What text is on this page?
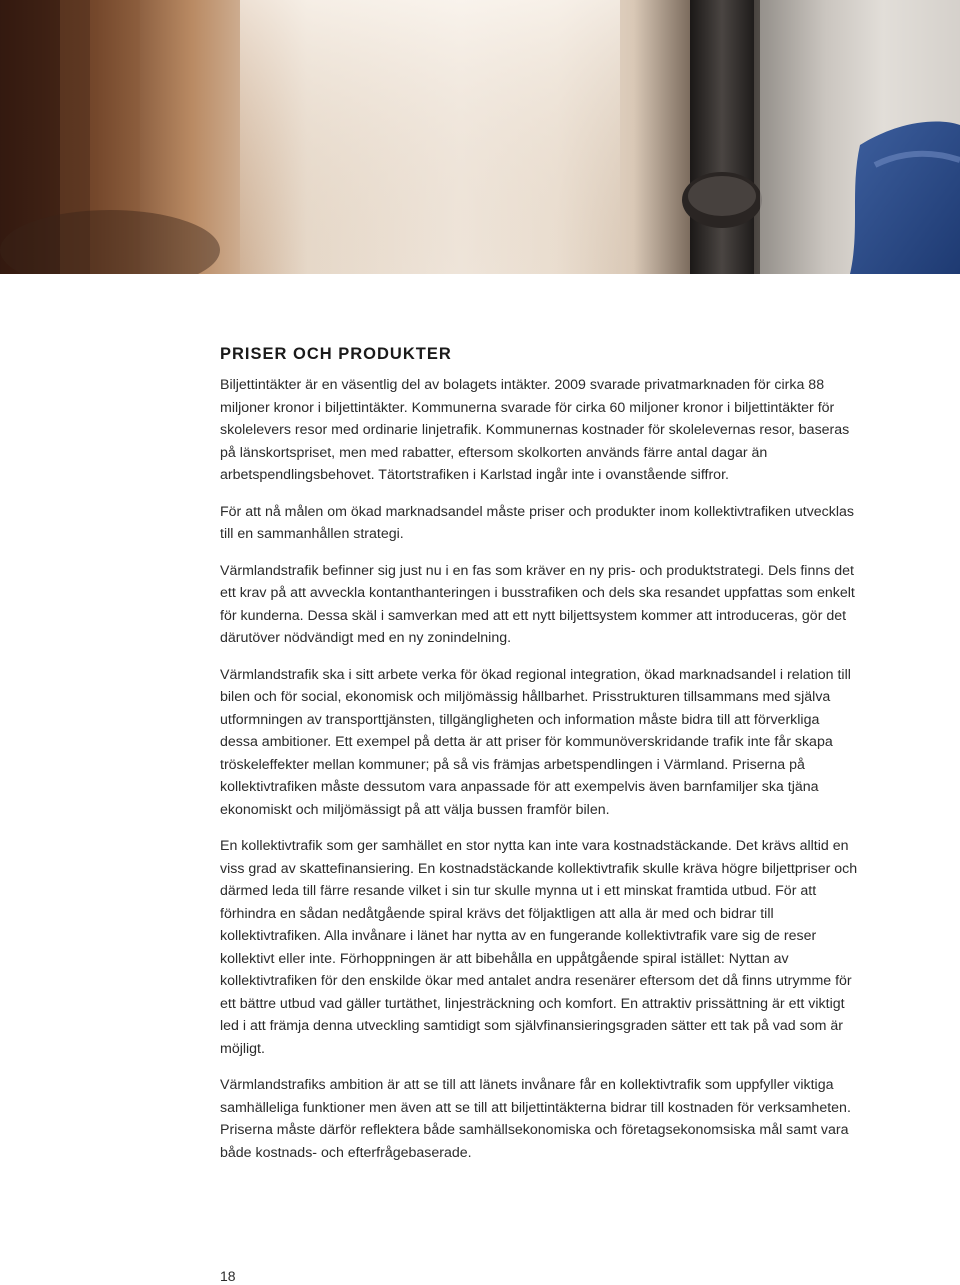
PRISER OCH PRODUKTER

Biljettintäkter är en väsentlig del av bolagets intäkter. 2009 svarade privatmarknaden för cirka 88 miljoner kronor i biljettintäkter. Kommunerna svarade för cirka 60 miljoner kronor i biljettintäkter för skolelevers resor med ordinarie linjetrafik. Kommunernas kostnader för skolelevernas resor, baseras på länskortspriset, men med rabatter, eftersom skolkorten används färre antal dagar än arbetspendlingsbehovet. Tätortstrafiken i Karlstad ingår inte i ovanstående siffror.

För att nå målen om ökad marknadsandel måste priser och produkter inom kollektivtrafiken utvecklas till en sammanhållen strategi.

Värmlandstrafik befinner sig just nu i en fas som kräver en ny pris- och produktstrategi. Dels finns det ett krav på att avveckla kontanthanteringen i busstrafiken och dels ska resandet uppfattas som enkelt för kunderna. Dessa skäl i samverkan med att ett nytt biljettsystem kommer att introduceras, gör det därutöver nödvändigt med en ny zonindelning.

Värmlandstrafik ska i sitt arbete verka för ökad regional integration, ökad marknadsandel i relation till bilen och för social, ekonomisk och miljömässig hållbarhet. Prisstrukturen tillsammans med själva utformningen av transporttjänsten, tillgängligheten och information måste bidra till att förverkliga dessa ambitioner. Ett exempel på detta är att priser för kommunöverskridande trafik inte får skapa tröskeleffekter mellan kommuner; på så vis främjas arbetspendlingen i Värmland. Priserna på kollektivtrafiken måste dessutom vara anpassade för att exempelvis även barnfamiljer ska tjäna ekonomiskt och miljömässigt på att välja bussen framför bilen.

En kollektivtrafik som ger samhället en stor nytta kan inte vara kostnadstäckande. Det krävs alltid en viss grad av skattefinansiering. En kostnadstäckande kollektivtrafik skulle kräva högre biljettpriser och därmed leda till färre resande vilket i sin tur skulle mynna ut i ett minskat framtida utbud. För att förhindra en sådan nedåtgående spiral krävs det följaktligen att alla är med och bidrar till kollektivtrafiken. Alla invånare i länet har nytta av en fungerande kollektivtrafik vare sig de reser kollektivt eller inte. Förhoppningen är att bibehålla en uppåtgående spiral istället: Nyttan av kollektivtrafiken för den enskilde ökar med antalet andra resenärer eftersom det då finns utrymme för ett bättre utbud vad gäller turtäthet, linjesträckning och komfort. En attraktiv prissättning är ett viktigt led i att främja denna utveckling samtidigt som självfinansieringsgraden sätter ett tak på vad som är möjligt.

Värmlandstrafiks ambition är att se till att länets invånare får en kollektivtrafik som uppfyller viktiga samhälleliga funktioner men även att se till att biljettintäkterna bidrar till kostnaden för verksamheten. Priserna måste därför reflektera både samhällsekonomiska och företagsekonomsiska mål samt vara både kostnads- och efterfrågebaserade.

18
